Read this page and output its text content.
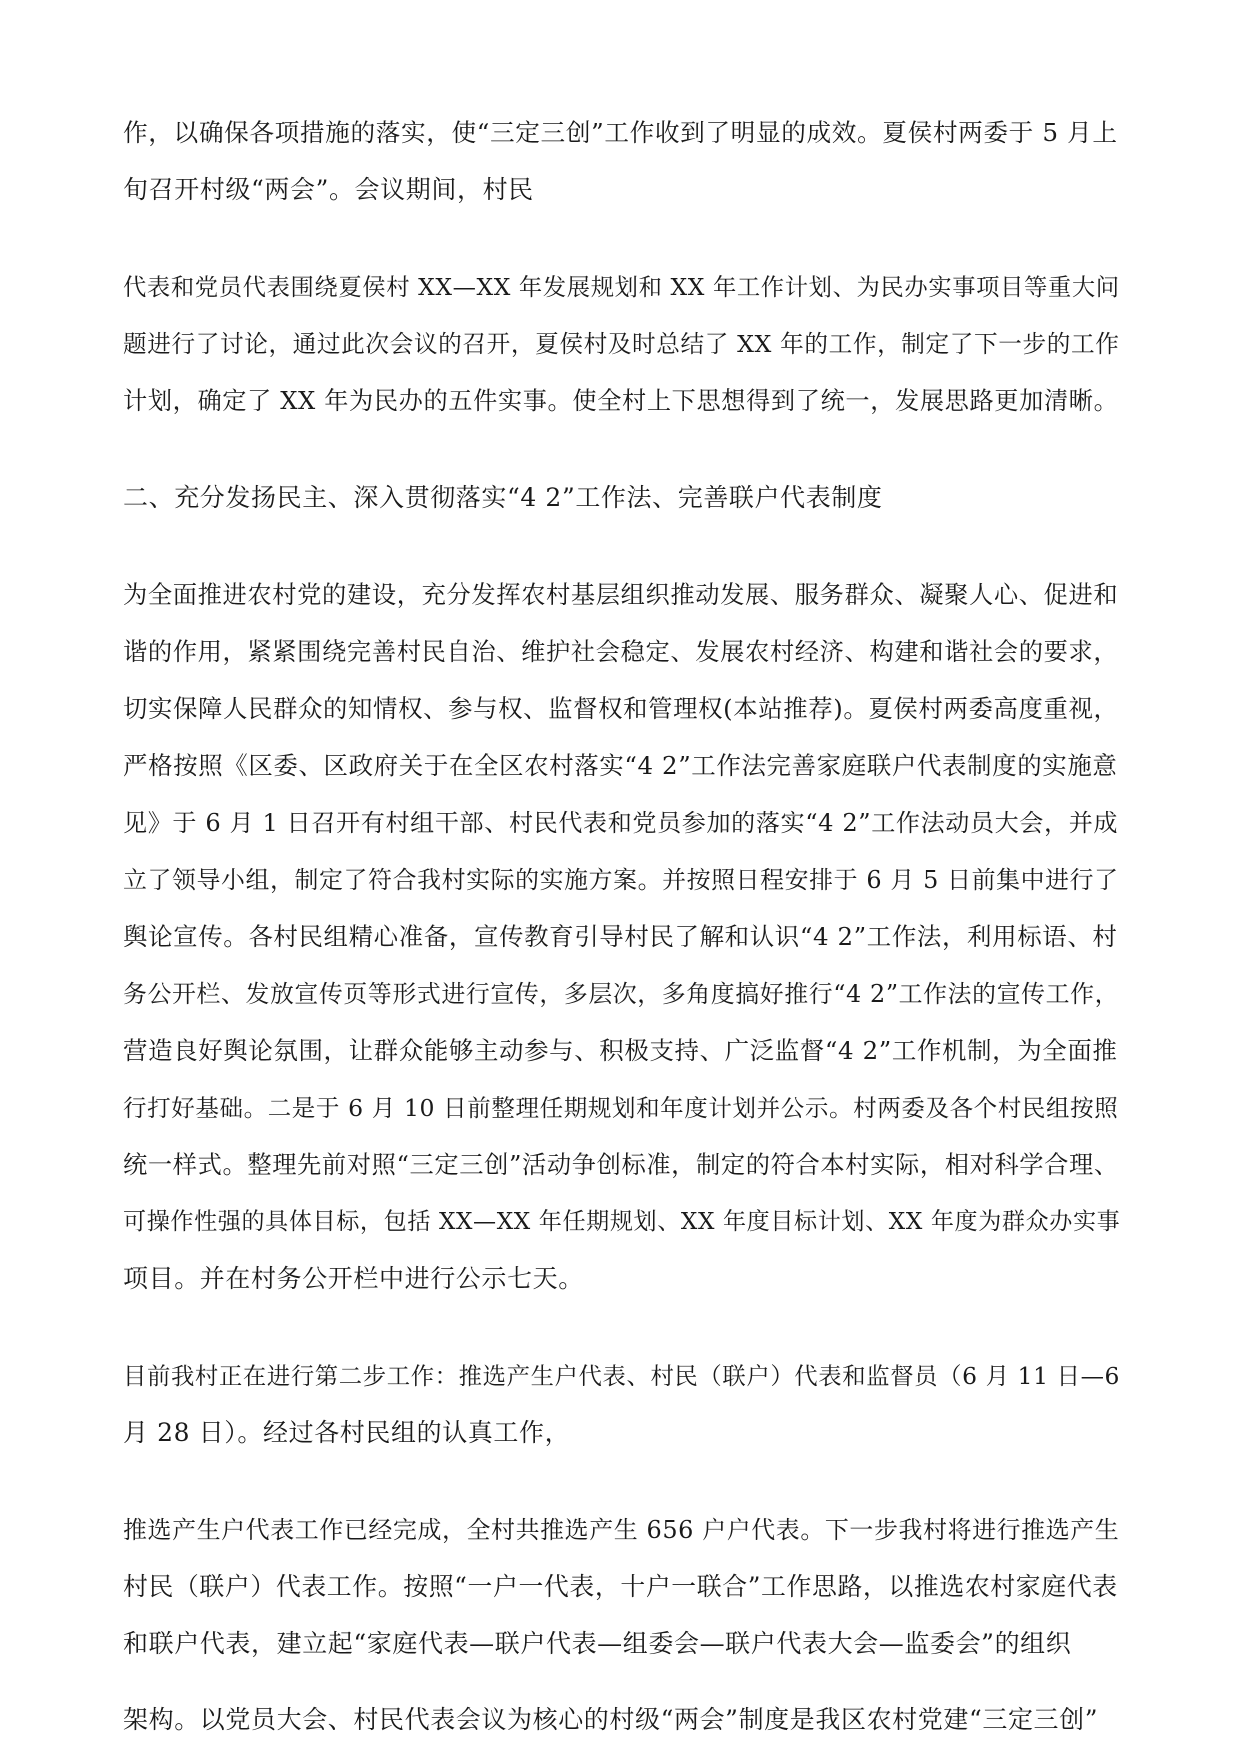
作，以确保各项措施的落实，使“三定三创”工作收到了明显的成效。夏侯村两委于 5 月上
旬召开村级“两会”。会议期间，村民
代表和党员代表围绕夏侯村 XX—XX 年发展规划和 XX 年工作计划、为民办实事项目等重大问
题进行了讨论，通过此次会议的召开，夏侯村及时总结了 XX 年的工作，制定了下一步的工作
计划，确定了 XX 年为民办的五件实事。使全村上下思想得到了统一，发展思路更加清晰。
二、充分发扬民主、深入贯彻落实“4 2”工作法、完善联户代表制度
为全面推进农村党的建设，充分发挥农村基层组织推动发展、服务群众、凝聚人心、促进和
谐的作用，紧紧围绕完善村民自治、维护社会稳定、发展农村经济、构建和谐社会的要求，
切实保障人民群众的知情权、参与权、监督权和管理权(本站推荐)。夏侯村两委高度重视，
严格按照《区委、区政府关于在全区农村落实“4 2”工作法完善家庭联户代表制度的实施意
见》于 6 月 1 日召开有村组干部、村民代表和党员参加的落实“4 2”工作法动员大会，并成
立了领导小组，制定了符合我村实际的实施方案。并按照日程安排于 6 月 5 日前集中进行了
舆论宣传。各村民组精心准备，宣传教育引导村民了解和认识“4 2”工作法，利用标语、村
务公开栏、发放宣传页等形式进行宣传，多层次，多角度搞好推行“4 2”工作法的宣传工作，
营造良好舆论氛围，让群众能够主动参与、积极支持、广泛监督“4 2”工作机制，为全面推
行打好基础。二是于 6 月 10 日前整理任期规划和年度计划并公示。村两委及各个村民组按照
统一样式。整理先前对照“三定三创”活动争创标准，制定的符合本村实际，相对科学合理、
可操作性强的具体目标，包括 XX—XX 年任期规划、XX 年度目标计划、XX 年度为群众办实事
项目。并在村务公开栏中进行公示七天。
目前我村正在进行第二步工作：推选产生户代表、村民（联户）代表和监督员（6 月 11 日—6
月 28 日）。经过各村民组的认真工作，
推选产生户代表工作已经完成，全村共推选产生 656 户户代表。下一步我村将进行推选产生
村民（联户）代表工作。按照“一户一代表，十户一联合”工作思路，以推选农村家庭代表
和联户代表，建立起“家庭代表—联户代表—组委会—联户代表大会—监委会”的组织
架构。以党员大会、村民代表会议为核心的村级“两会”制度是我区农村党建“三定三创”
